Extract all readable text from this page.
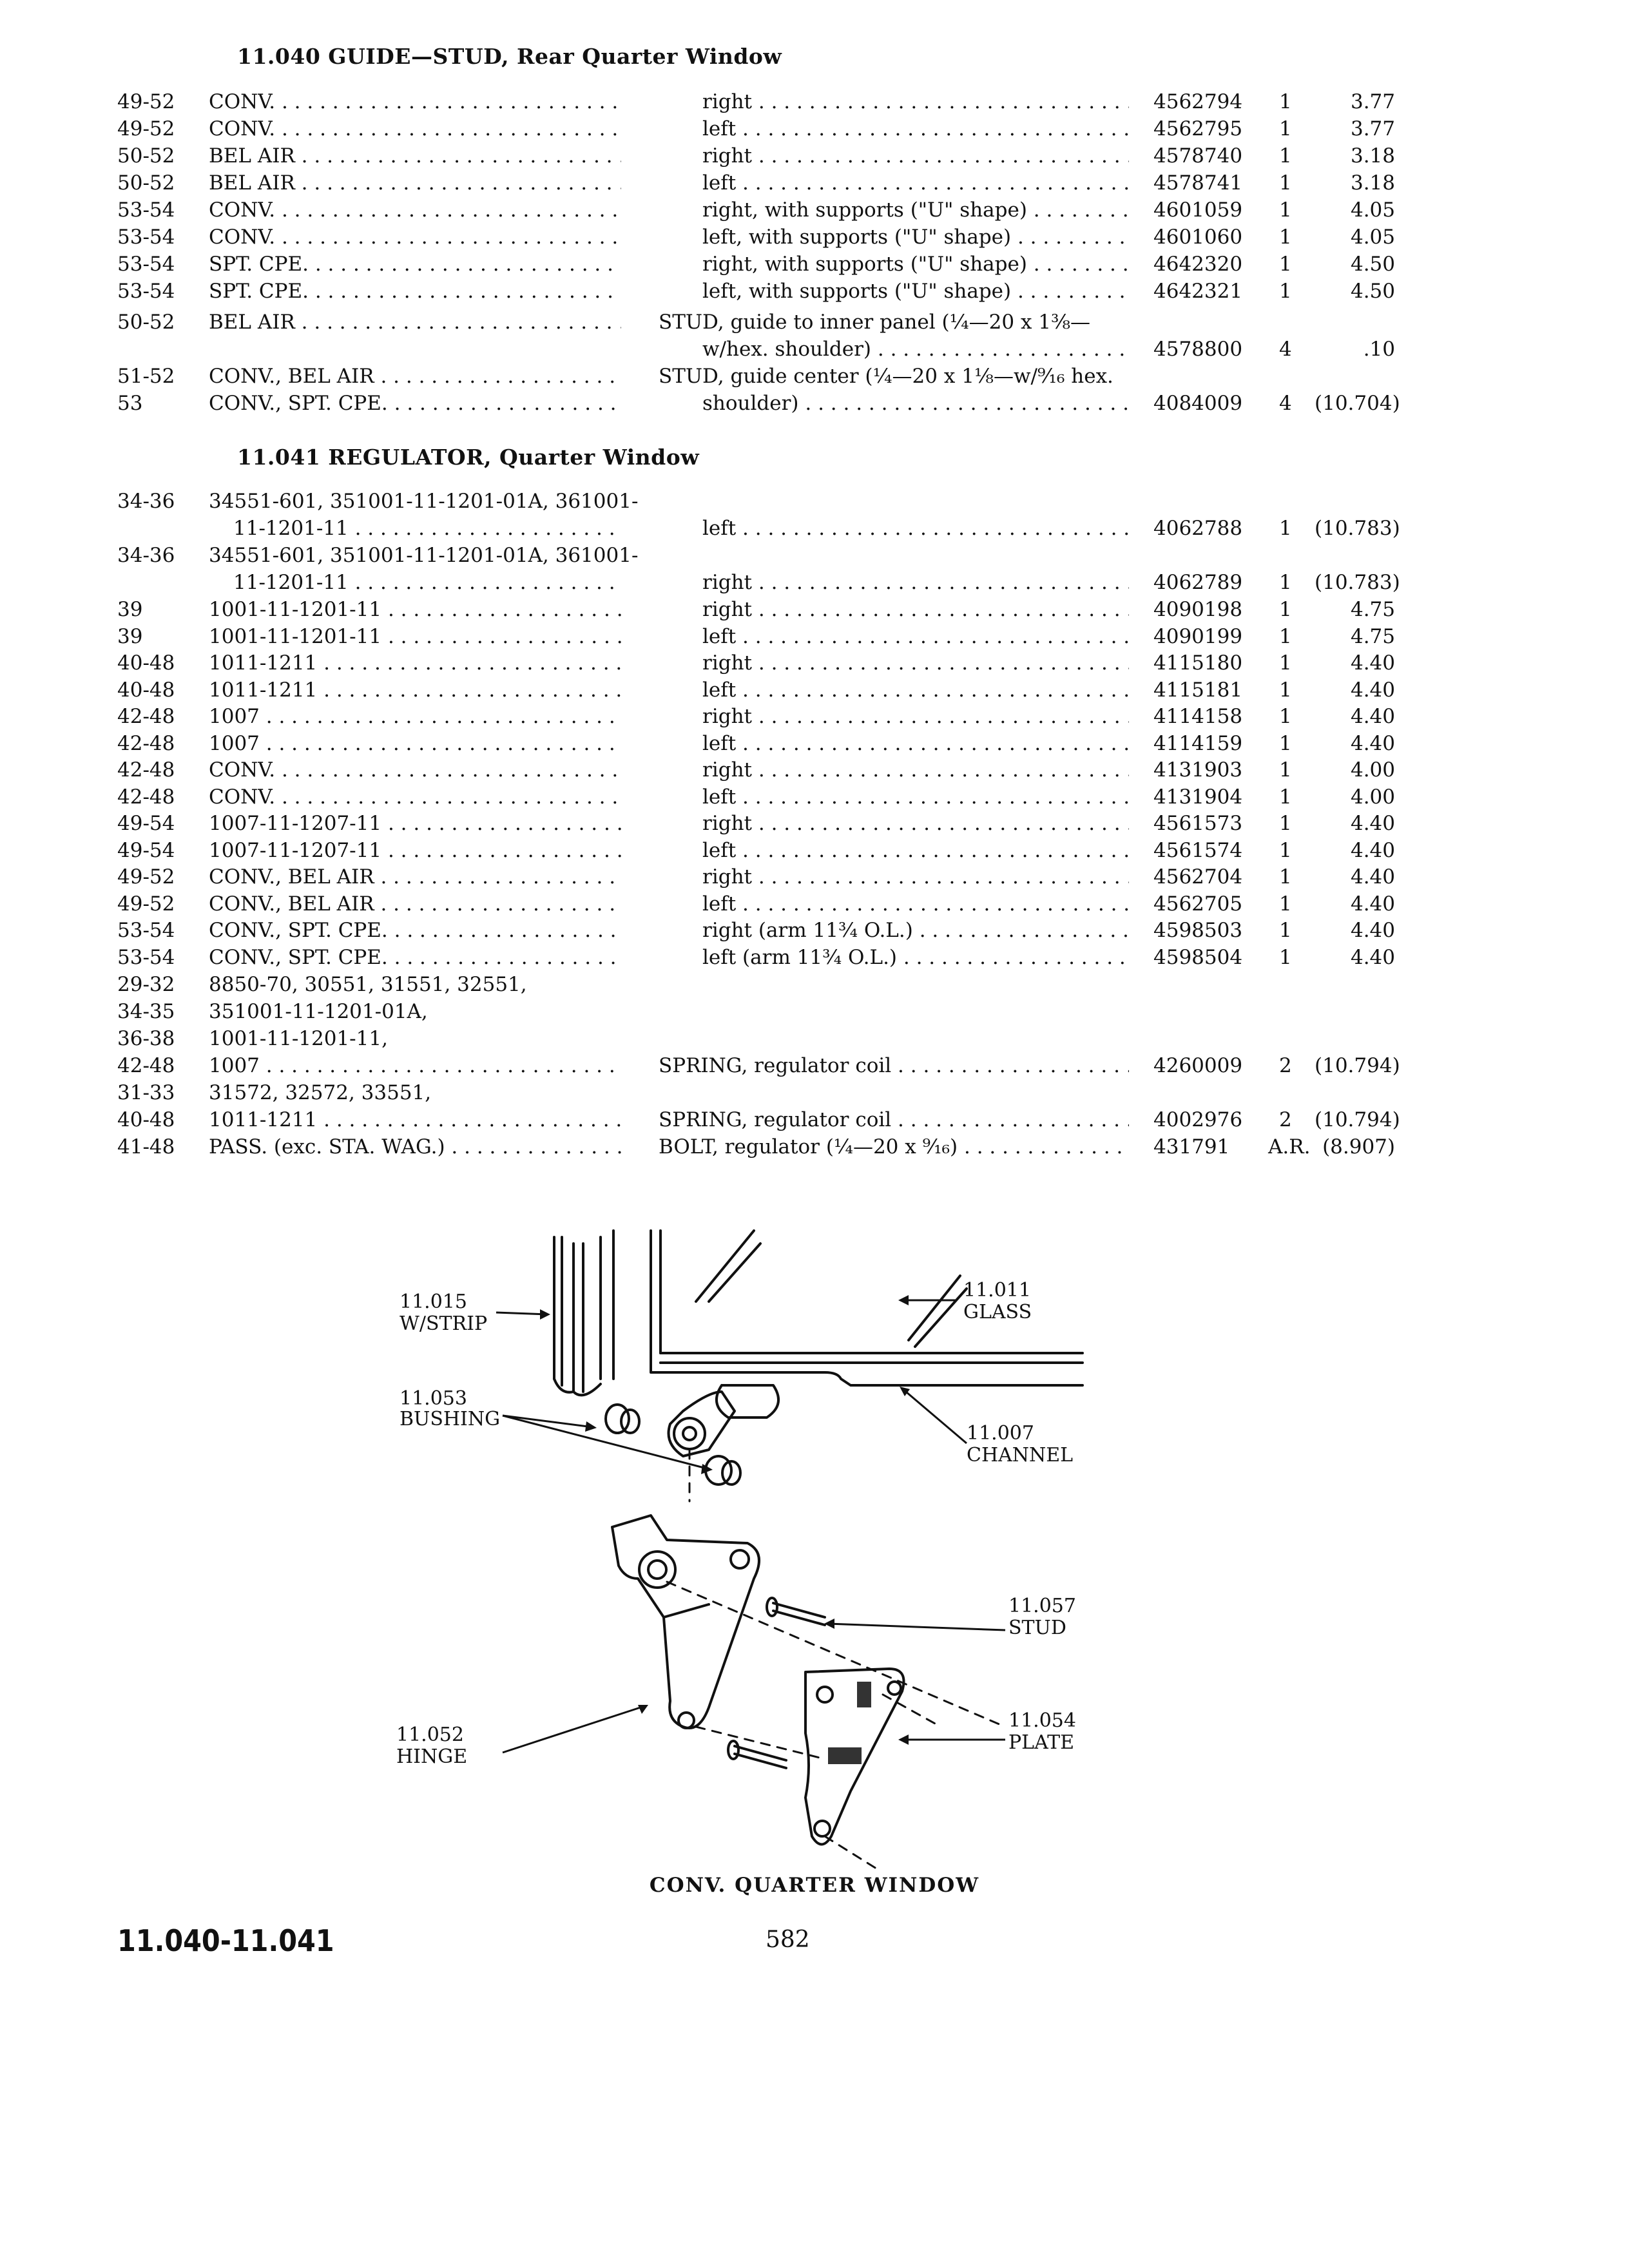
11.040 GUIDE—STUD, Rear Quarter Window
49-52 CONV. . . .	right . . .	4562794 1	3.77
49-52 CONV. . . .	left . . .	4562795 1	3.77
50-52 BEL AIR . . .	right . . .	4578740 1	3.18
50-52 BEL AIR . . .	left . . .	4578741 1	3.18
53-54 CONV. . . .	right, with supports ("U" shape) . . .	4601059 1	4.05
53-54 CONV. . . .	left, with supports ("U" shape) . . .	4601060 1	4.05
53-54 SPT. CPE. . . .	right, with supports ("U" shape) . . .	4642320 1	4.50
53-54 SPT. CPE. . . .	left, with supports ("U" shape) . . .	4642321 1	4.50
50-52 BEL AIR . . .	STUD, guide to inner panel (¼—20 x 1⅜—
w/hex. shoulder) . . .	4578800 4	.10
51-52 CONV., BEL AIR . . .	STUD, guide center (¼—20 x 1⅛—w/⁹⁄₁₆ hex.
53	CONV., SPT. CPE. . . .	shoulder) . . .	4084009 4 (10.704)
11.041 REGULATOR, Quarter Window
34-36 34551-601, 351001-11-1201-01A, 361001-
11-1201-11 . . .	left . . .	4062788 1 (10.783)
34-36 34551-601, 351001-11-1201-01A, 361001-
11-1201-11 . . .	right . . .	4062789 1 (10.783)
39	1001-11-1201-11 . . .	right . . .	4090198 1	4.75
39	1001-11-1201-11 . . .	left . . .	4090199 1	4.75
40-48 1011-1211 . . .	right . . .	4115180 1	4.40
40-48 1011-1211 . . .	left . . .	4115181 1	4.40
42-48 1007 . . .	right . . .	4114158 1	4.40
42-48 1007 . . .	left . . .	4114159 1	4.40
42-48 CONV. . . .	right . . .	4131903 1	4.00
42-48 CONV. . . .	left . . .	4131904 1	4.00
49-54 1007-11-1207-11 . . .	right . . .	4561573 1	4.40
49-54 1007-11-1207-11 . . .	left . . .	4561574 1	4.40
49-52 CONV., BEL AIR . . .	right . . .	4562704 1	4.40
49-52 CONV., BEL AIR . . .	left . . .	4562705 1	4.40
53-54 CONV., SPT. CPE. . . .	right (arm 11¾ O.L.) . . .	4598503 1	4.40
53-54 CONV., SPT. CPE. . . .	left (arm 11¾ O.L.) . . .	4598504 1	4.40
29-32 8850-70, 30551, 31551, 32551,
34-35 351001-11-1201-01A,
36-38 1001-11-1201-11,
42-48 1007 . . .	SPRING, regulator coil . . .	4260009 2 (10.794)
31-33 31572, 32572, 33551,
40-48 1011-1211 . . .	SPRING, regulator coil . . .	4002976 2 (10.794)
41-48 PASS. (exc. STA. WAG.) . . .	BOLT, regulator (¼—20 x ⁹⁄₁₆) . . .	431791 A.R. (8.907)
11.011
GLASS
11.015
W/STRIP
11.053
BUSHING
11.007
CHANNEL
11.057
STUD
11.052
HINGE
11.054
PLATE
CONV. QUARTER WINDOW
11.040-11.041	582
